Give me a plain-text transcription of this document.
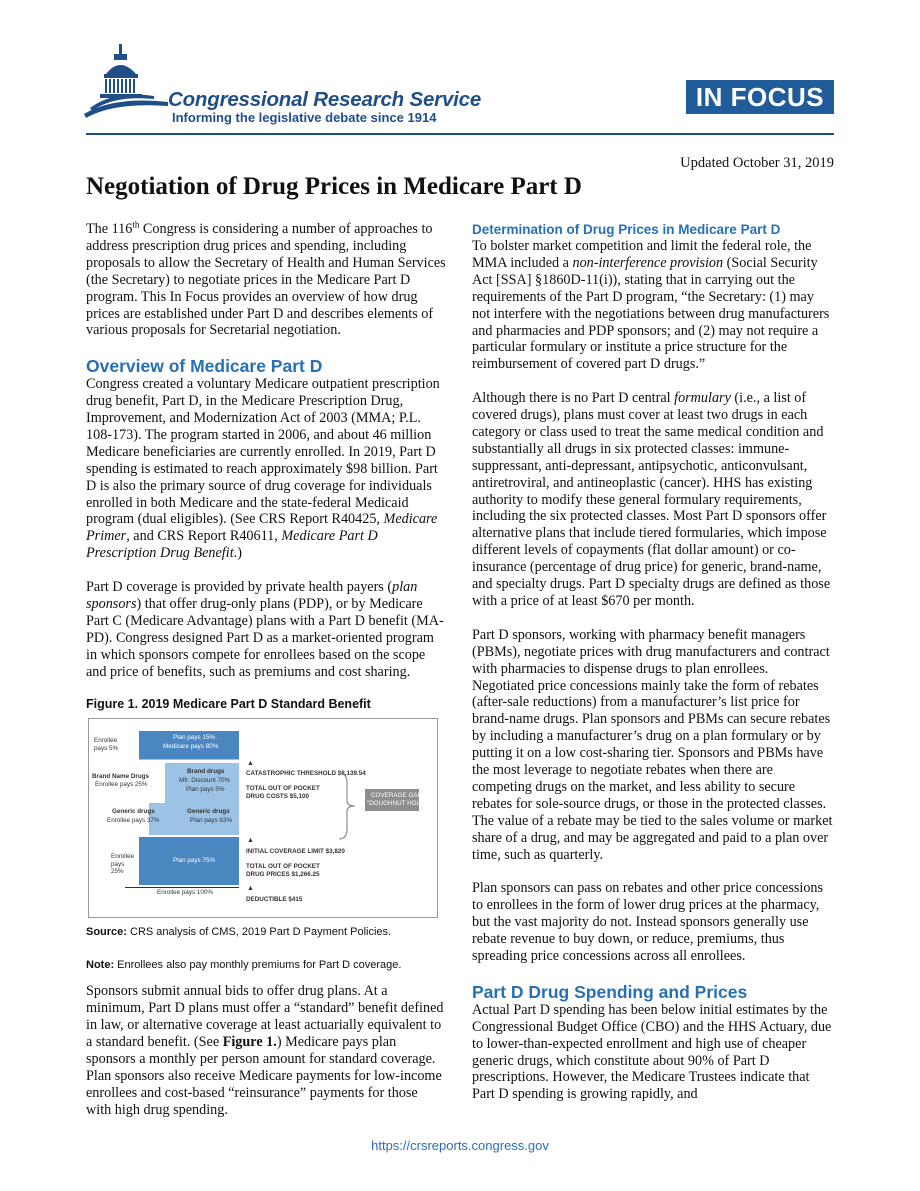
Congressional Research Service
Informing the legislative debate since 1914
IN FOCUS
Updated October 31, 2019
Negotiation of Drug Prices in Medicare Part D

The 116th Congress is considering a number of approaches to address prescription drug prices and spending, including proposals to allow the Secretary of Health and Human Services (the Secretary) to negotiate prices in the Medicare Part D program. This In Focus provides an overview of how drug prices are established under Part D and describes elements of various proposals for Secretarial negotiation.

Overview of Medicare Part D

Congress created a voluntary Medicare outpatient prescription drug benefit, Part D, in the Medicare Prescription Drug, Improvement, and Modernization Act of 2003 (MMA; P.L. 108-173). The program started in 2006, and about 46 million Medicare beneficiaries are currently enrolled. In 2019, Part D spending is estimated to reach approximately $98 billion. Part D is also the primary source of drug coverage for individuals enrolled in both Medicare and the state-federal Medicaid program (dual eligibles). (See CRS Report R40425, Medicare Primer, and CRS Report R40611, Medicare Part D Prescription Drug Benefit.)

Part D coverage is provided by private health payers (plan sponsors) that offer drug-only plans (PDP), or by Medicare Part C (Medicare Advantage) plans with a Part D benefit (MA-PD). Congress designed Part D as a market-oriented program in which sponsors compete for enrollees based on the scope and price of benefits, such as premiums and cost sharing.

Figure 1. 2019 Medicare Part D Standard Benefit
Enrollee pays 5%
Plan pays 15%
Medicare pays 80%
Brand Name Drugs
Enrollee pays 25%
Brand drugs
Mfr. Discount 70%
Plan pays 5%
Generic drugs
Enrollee pays 37%
Generic drugs
Plan pays 63%
Enrollee pays 25%
Plan pays 75%
Enrollee pays 100%
▲
▲
▲
CATASTROPHIC THRESHOLD $8,139.54
TOTAL OUT OF POCKET
DRUG COSTS $5,100
INITIAL COVERAGE LIMIT $3,820
TOTAL OUT OF POCKET
DRUG PRICES $1,266.25
DEDUCTIBLE $415
COVERAGE GAP
“DOUGHNUT HOLE”

Source: CRS analysis of CMS, 2019 Part D Payment Policies.

Note: Enrollees also pay monthly premiums for Part D coverage.

Sponsors submit annual bids to offer drug plans. At a minimum, Part D plans must offer a “standard” benefit defined in law, or alternative coverage at least actuarially equivalent to a standard benefit. (See Figure 1.) Medicare pays plan sponsors a monthly per person amount for standard coverage. Plan sponsors also receive Medicare payments for low-income enrollees and cost-based “reinsurance” payments for those with high drug spending.

Determination of Drug Prices in Medicare Part D

To bolster market competition and limit the federal role, the MMA included a non-interference provision (Social Security Act [SSA] §1860D-11(i)), stating that in carrying out the requirements of the Part D program, “the Secretary: (1) may not interfere with the negotiations between drug manufacturers and pharmacies and PDP sponsors; and (2) may not require a particular formulary or institute a price structure for the reimbursement of covered part D drugs.”

Although there is no Part D central formulary (i.e., a list of covered drugs), plans must cover at least two drugs in each category or class used to treat the same medical condition and substantially all drugs in six protected classes: immune-suppressant, anti-depressant, antipsychotic, anticonvulsant, antiretroviral, and antineoplastic (cancer). HHS has existing authority to modify these general formulary requirements, including the six protected classes. Most Part D sponsors offer alternative plans that include tiered formularies, which impose different levels of copayments (flat dollar amount) or co-insurance (percentage of drug price) for generic, brand-name, and specialty drugs. Part D specialty drugs are defined as those with a price of at least $670 per month.

Part D sponsors, working with pharmacy benefit managers (PBMs), negotiate prices with drug manufacturers and contract with pharmacies to dispense drugs to plan enrollees. Negotiated price concessions mainly take the form of rebates (after-sale reductions) from a manufacturer’s list price for brand-name drugs. Plan sponsors and PBMs can secure rebates by including a manufacturer’s drug on a plan formulary or by putting it on a low cost-sharing tier. Sponsors and PBMs have the most leverage to negotiate rebates when there are competing drugs on the market, and less ability to secure rebates for sole-source drugs, or those in the protected classes. The value of a rebate may be tied to the sales volume or market share of a drug, and may be aggregated and paid to a plan over time, such as quarterly.

Plan sponsors can pass on rebates and other price concessions to enrollees in the form of lower drug prices at the pharmacy, but the vast majority do not. Instead sponsors generally use rebate revenue to buy down, or reduce, premiums, thus spreading price concessions across all enrollees.

Part D Drug Spending and Prices

Actual Part D spending has been below initial estimates by the Congressional Budget Office (CBO) and the HHS Actuary, due to lower-than-expected enrollment and high use of cheaper generic drugs, which constitute about 90% of Part D prescriptions. However, the Medicare Trustees indicate that Part D spending is growing rapidly, and

https://crsreports.congress.gov
